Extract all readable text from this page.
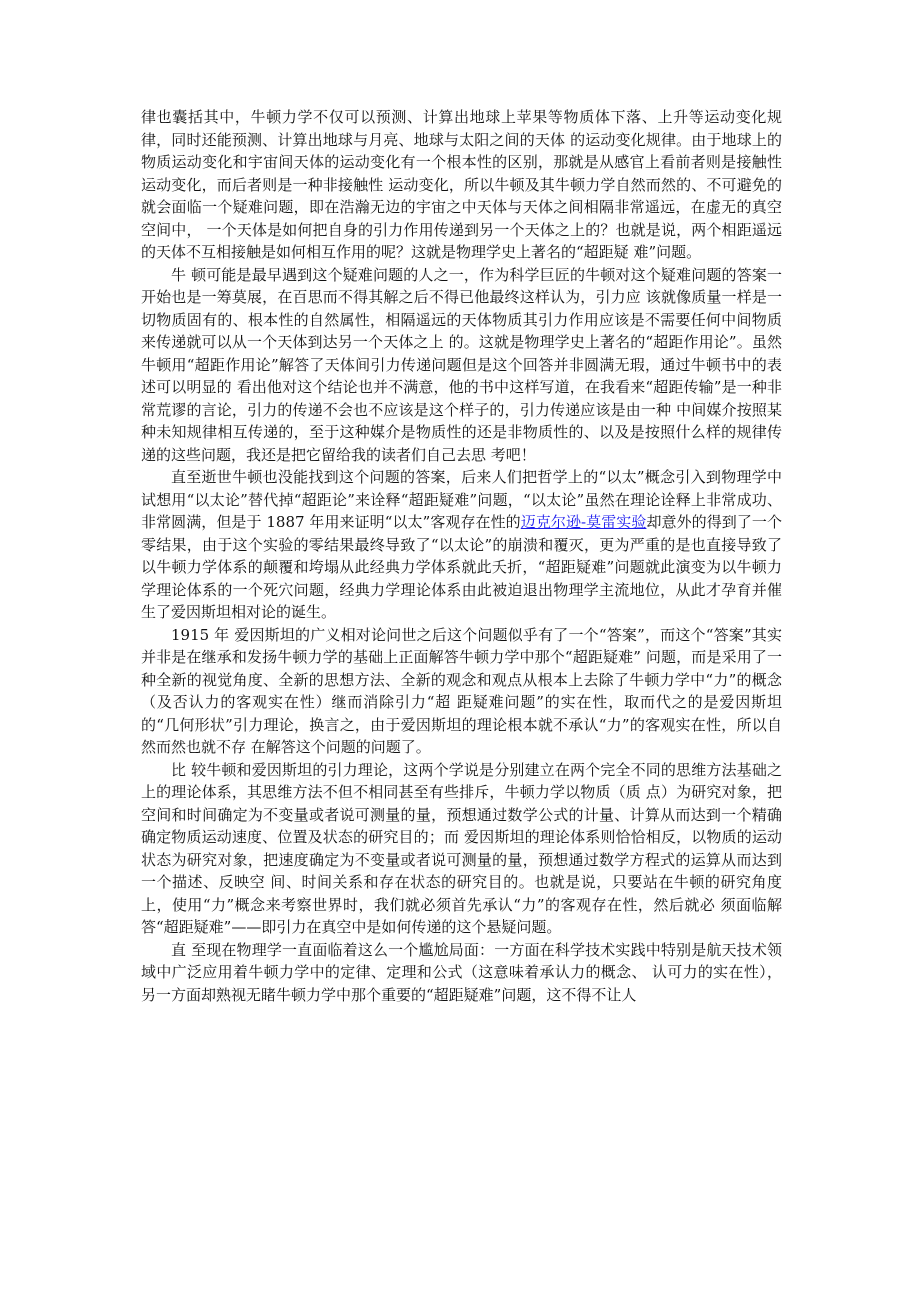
律也囊括其中，牛顿力学不仅可以预测、计算出地球上苹果等物质体下落、上升等运动变化规律，同时还能预测、计算出地球与月亮、地球与太阳之间的天体 的运动变化规律。由于地球上的物质运动变化和宇宙间天体的运动变化有一个根本性的区别，那就是从感官上看前者则是接触性运动变化，而后者则是一种非接触性 运动变化，所以牛顿及其牛顿力学自然而然的、不可避免的就会面临一个疑难问题，即在浩瀚无边的宇宙之中天体与天体之间相隔非常遥远，在虚无的真空空间中， 一个天体是如何把自身的引力作用传递到另一个天体之上的？也就是说，两个相距遥远的天体不互相接触是如何相互作用的呢？这就是物理学史上著名的“超距疑 难”问题。

牛 顿可能是最早遇到这个疑难问题的人之一，作为科学巨匠的牛顿对这个疑难问题的答案一开始也是一筹莫展，在百思而不得其解之后不得已他最终这样认为，引力应 该就像质量一样是一切物质固有的、根本性的自然属性，相隔遥远的天体物质其引力作用应该是不需要任何中间物质来传递就可以从一个天体到达另一个天体之上 的。这就是物理学史上著名的“超距作用论”。虽然牛顿用“超距作用论”解答了天体间引力传递问题但是这个回答并非圆满无瑕，通过牛顿书中的表述可以明显的 看出他对这个结论也并不满意，他的书中这样写道，在我看来“超距传输”是一种非常荒谬的言论，引力的传递不会也不应该是这个样子的，引力传递应该是由一种 中间媒介按照某种未知规律相互传递的，至于这种媒介是物质性的还是非物质性的、以及是按照什么样的规律传递的这些问题，我还是把它留给我的读者们自己去思 考吧！

直至逝世牛顿也没能找到这个问题的答案，后来人们把哲学上的“以太”概念引入到物理学中试想用“以太论”替代掉“超距论”来诠释“超距疑难”问题，“以太论”虽然在理论诠释上非常成功、非常圆满，但是于 1887 年用来证明“以太”客观存在性的迈克尔逊-莫雷实验却意外的得到了一个零结果，由于这个实验的零结果最终导致了“以太论”的崩溃和覆灭，更为严重的是也直接导致了以牛顿力学体系的颠覆和垮塌从此经典力学体系就此夭折，“超距疑难”问题就此演变为以牛顿力学理论体系的一个死穴问题，经典力学理论体系由此被迫退出物理学主流地位，从此才孕育并催生了爱因斯坦相对论的诞生。

1915 年 爱因斯坦的广义相对论问世之后这个问题似乎有了一个“答案”，而这个“答案”其实并非是在继承和发扬牛顿力学的基础上正面解答牛顿力学中那个“超距疑难” 问题，而是采用了一种全新的视觉角度、全新的思想方法、全新的观念和观点从根本上去除了牛顿力学中“力”的概念（及否认力的客观实在性）继而消除引力“超 距疑难问题”的实在性，取而代之的是爱因斯坦的“几何形状”引力理论，换言之，由于爱因斯坦的理论根本就不承认“力”的客观实在性，所以自然而然也就不存 在解答这个问题的问题了。

比 较牛顿和爱因斯坦的引力理论，这两个学说是分别建立在两个完全不同的思维方法基础之上的理论体系，其思维方法不但不相同甚至有些排斥，牛顿力学以物质（质 点）为研究对象，把空间和时间确定为不变量或者说可测量的量，预想通过数学公式的计量、计算从而达到一个精确确定物质运动速度、位置及状态的研究目的；而 爱因斯坦的理论体系则恰恰相反，以物质的运动状态为研究对象，把速度确定为不变量或者说可测量的量，预想通过数学方程式的运算从而达到一个描述、反映空 间、时间关系和存在状态的研究目的。也就是说，只要站在牛顿的研究角度上，使用“力”概念来考察世界时，我们就必须首先承认“力”的客观存在性，然后就必 须面临解答“超距疑难”——即引力在真空中是如何传递的这个悬疑问题。

直 至现在物理学一直面临着这么一个尴尬局面：一方面在科学技术实践中特别是航天技术领域中广泛应用着牛顿力学中的定律、定理和公式（这意味着承认力的概念、 认可力的实在性），另一方面却熟视无睹牛顿力学中那个重要的“超距疑难”问题，这不得不让人
